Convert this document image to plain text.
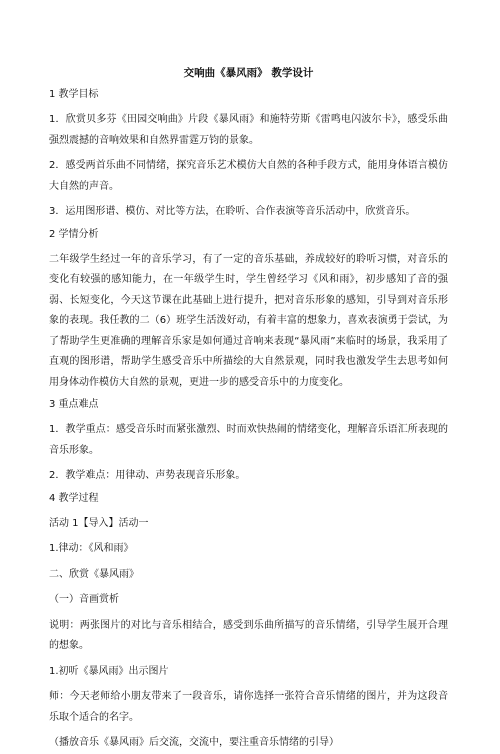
交响曲《暴风雨》 教学设计
1 教学目标
1．欣赏贝多芬《田园交响曲》片段《暴风雨》和施特劳斯《雷鸣电闪波尔卡》，感受乐曲强烈震撼的音响效果和自然界雷霆万钧的景象。
2．感受两首乐曲不同情绪，探究音乐艺术模仿大自然的各种手段方式，能用身体语言模仿大自然的声音。
3．运用图形谱、模仿、对比等方法，在聆听、合作表演等音乐活动中，欣赏音乐。
2 学情分析
二年级学生经过一年的音乐学习，有了一定的音乐基础，养成较好的聆听习惯，对音乐的变化有较强的感知能力，在一年级学生时，学生曾经学习《风和雨》，初步感知了音的强弱、长短变化，今天这节课在此基础上进行提升，把对音乐形象的感知，引导到对音乐形象的表现。我任教的二（6）班学生活泼好动，有着丰富的想象力，喜欢表演勇于尝试，为了帮助学生更准确的理解音乐家是如何通过音响来表现“暴风雨”来临时的场景，我采用了直观的图形谱，帮助学生感受音乐中所描绘的大自然景观，同时我也激发学生去思考如何用身体动作模仿大自然的景观，更进一步的感受音乐中的力度变化。
3 重点难点
1．教学重点：感受音乐时而紧张激烈、时而欢快热闹的情绪变化，理解音乐语汇所表现的音乐形象。
2．教学难点：用律动、声势表现音乐形象。
4 教学过程
活动 1【导入】活动一
1.律动：《风和雨》
二、欣赏《暴风雨》
（一）音画赏析
说明：两张图片的对比与音乐相结合，感受到乐曲所描写的音乐情绪，引导学生展开合理的想象。
1.初听《暴风雨》出示图片
师：今天老师给小朋友带来了一段音乐，请你选择一张符合音乐情绪的图片，并为这段音乐取个适合的名字。
（播放音乐《暴风雨》后交流，交流中，要注重音乐情绪的引导）
